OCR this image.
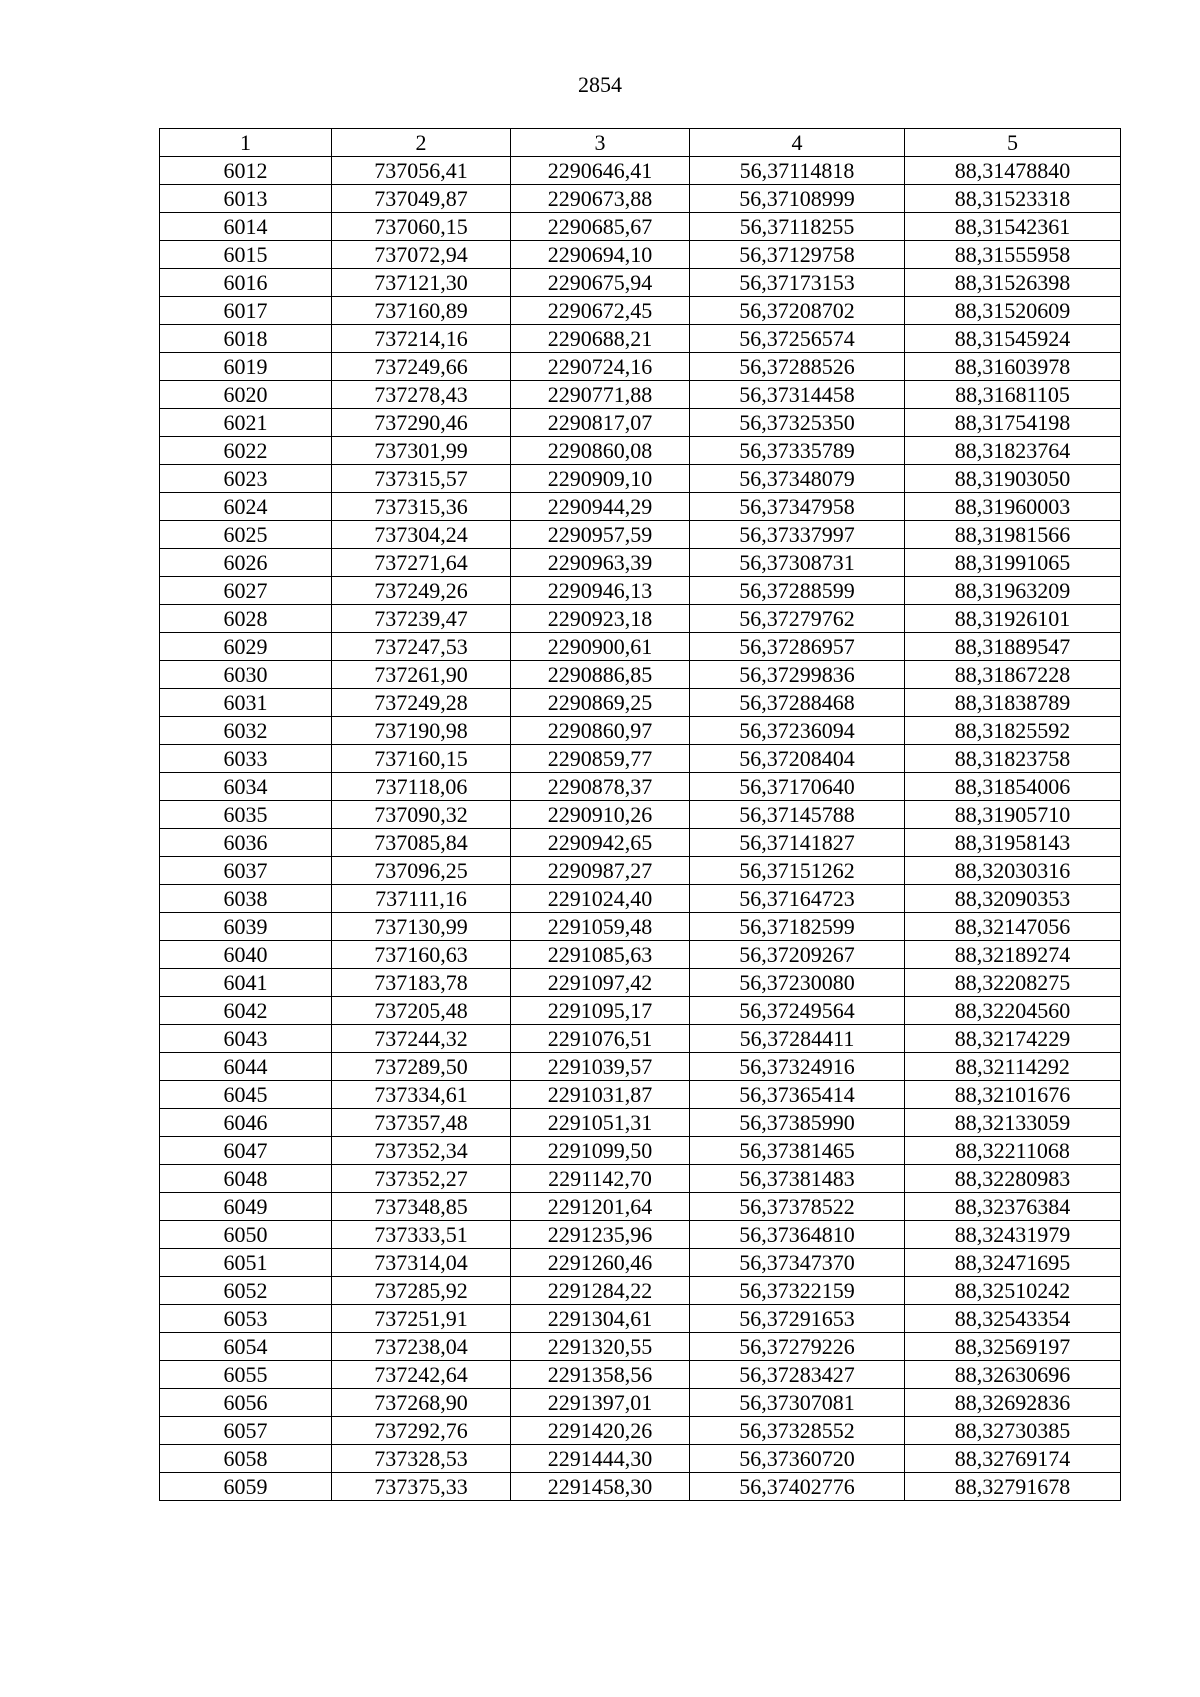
2854
1	2	3	4	5
6012	737056,41	2290646,41	56,37114818	88,31478840
6013	737049,87	2290673,88	56,37108999	88,31523318
6014	737060,15	2290685,67	56,37118255	88,31542361
6015	737072,94	2290694,10	56,37129758	88,31555958
6016	737121,30	2290675,94	56,37173153	88,31526398
6017	737160,89	2290672,45	56,37208702	88,31520609
6018	737214,16	2290688,21	56,37256574	88,31545924
6019	737249,66	2290724,16	56,37288526	88,31603978
6020	737278,43	2290771,88	56,37314458	88,31681105
6021	737290,46	2290817,07	56,37325350	88,31754198
6022	737301,99	2290860,08	56,37335789	88,31823764
6023	737315,57	2290909,10	56,37348079	88,31903050
6024	737315,36	2290944,29	56,37347958	88,31960003
6025	737304,24	2290957,59	56,37337997	88,31981566
6026	737271,64	2290963,39	56,37308731	88,31991065
6027	737249,26	2290946,13	56,37288599	88,31963209
6028	737239,47	2290923,18	56,37279762	88,31926101
6029	737247,53	2290900,61	56,37286957	88,31889547
6030	737261,90	2290886,85	56,37299836	88,31867228
6031	737249,28	2290869,25	56,37288468	88,31838789
6032	737190,98	2290860,97	56,37236094	88,31825592
6033	737160,15	2290859,77	56,37208404	88,31823758
6034	737118,06	2290878,37	56,37170640	88,31854006
6035	737090,32	2290910,26	56,37145788	88,31905710
6036	737085,84	2290942,65	56,37141827	88,31958143
6037	737096,25	2290987,27	56,37151262	88,32030316
6038	737111,16	2291024,40	56,37164723	88,32090353
6039	737130,99	2291059,48	56,37182599	88,32147056
6040	737160,63	2291085,63	56,37209267	88,32189274
6041	737183,78	2291097,42	56,37230080	88,32208275
6042	737205,48	2291095,17	56,37249564	88,32204560
6043	737244,32	2291076,51	56,37284411	88,32174229
6044	737289,50	2291039,57	56,37324916	88,32114292
6045	737334,61	2291031,87	56,37365414	88,32101676
6046	737357,48	2291051,31	56,37385990	88,32133059
6047	737352,34	2291099,50	56,37381465	88,32211068
6048	737352,27	2291142,70	56,37381483	88,32280983
6049	737348,85	2291201,64	56,37378522	88,32376384
6050	737333,51	2291235,96	56,37364810	88,32431979
6051	737314,04	2291260,46	56,37347370	88,32471695
6052	737285,92	2291284,22	56,37322159	88,32510242
6053	737251,91	2291304,61	56,37291653	88,32543354
6054	737238,04	2291320,55	56,37279226	88,32569197
6055	737242,64	2291358,56	56,37283427	88,32630696
6056	737268,90	2291397,01	56,37307081	88,32692836
6057	737292,76	2291420,26	56,37328552	88,32730385
6058	737328,53	2291444,30	56,37360720	88,32769174
6059	737375,33	2291458,30	56,37402776	88,32791678
